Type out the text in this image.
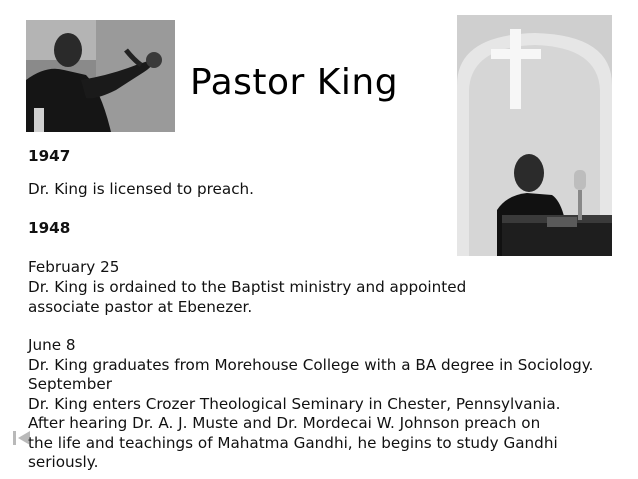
Pastor King
1947
Dr. King is licensed to preach.
1948
February 25
Dr. King is ordained to the Baptist ministry and appointed
associate pastor at Ebenezer.
June 8
Dr. King graduates from Morehouse College with a BA degree in Sociology.
September
Dr. King enters Crozer Theological Seminary in Chester, Pennsylvania.
After hearing Dr. A. J. Muste and Dr. Mordecai W. Johnson preach on
the life and teachings of Mahatma Gandhi, he begins to study Gandhi
seriously.
